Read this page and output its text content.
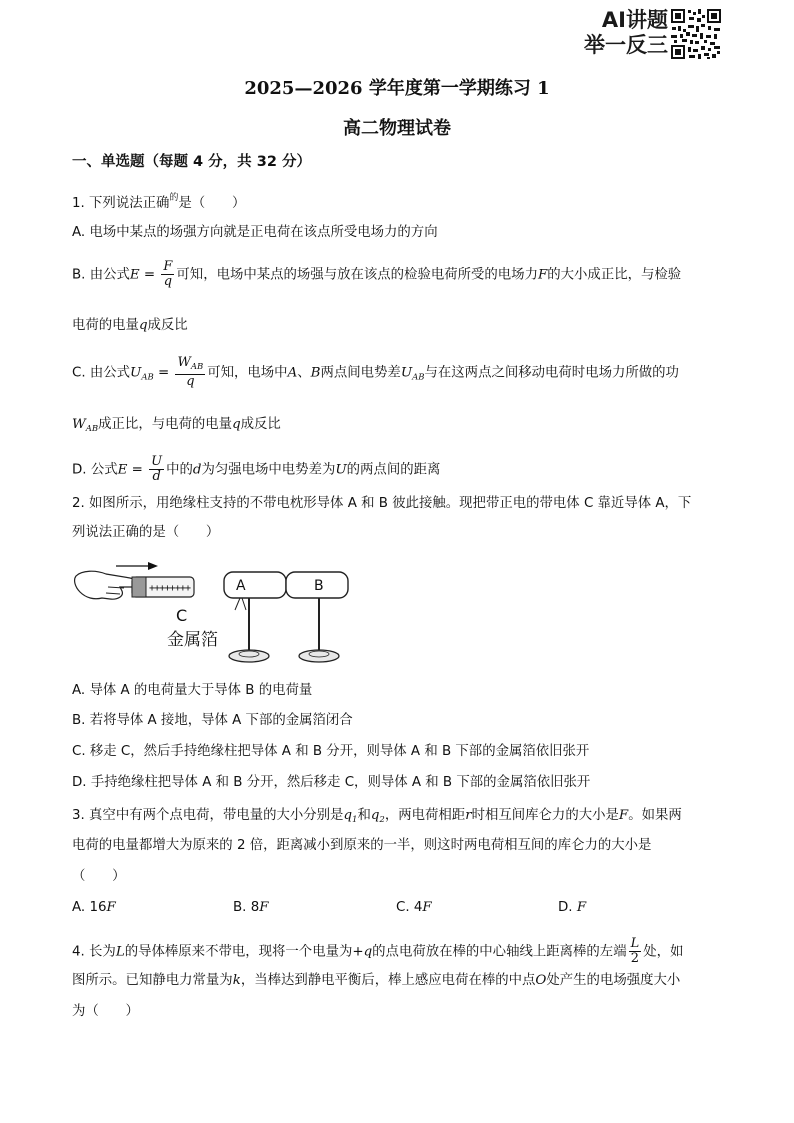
AI讲题
举一反三
2025—2026 学年度第一学期练习 1
高二物理试卷
一、单选题（每题 4 分，共 32 分）
1. 下列说法正确$^的$是（　　）
A. 电场中某点的场强方向就是正电荷在该点所受电场力的方向
B. 由公式$E = \frac{F}{q}$ 可知，电场中某点的场强与放在该点的检验电荷所受的电场力F的大小成正比，与检验
电荷的电量q成反比
C. 由公式$U_{AB} = \frac{W_{AB}}{q}$ 可知，电场中A、B两点间电势差$U_{AB}$与在这两点之间移动电荷时电场力所做的功
$W_{AB}$成正比，与电荷的电量q成反比
D. 公式$E = \frac{U}{d}$ 中的d为匀强电场中电势差为U的两点间的距离
2. 如图所示，用绝缘柱支持的不带电枕形导体 A 和 B 彼此接触。现把带正电的带电体 C 靠近导体 A，下
列说法正确的是（　　）
+ + + + + + + +
C
金属箔
A	B
A. 导体 A 的电荷量大于导体 B 的电荷量
B. 若将导体 A 接地，导体 A 下部的金属箔闭合
C. 移走 C，然后手持绝缘柱把导体 A 和 B 分开，则导体 A 和 B 下部的金属箔依旧张开
D. 手持绝缘柱把导体 A 和 B 分开，然后移走 C，则导体 A 和 B 下部的金属箔依旧张开
3. 真空中有两个点电荷，带电量的大小分别是$q_1$和$q_2$，两电荷相距r时相互间库仑力的大小是F。如果两
电荷的电量都增大为原来的 2 倍，距离减小到原来的一半，则这时两电荷相互间的库仑力的大小是
（　　）
A. 16F	B. 8F	C. 4F	D. F
4. 长为L的导体棒原来不带电，现将一个电量为+q的点电荷放在棒的中心轴线上距离棒的左端 $\frac{L}{2}$ 处，如
图所示。已知静电力常量为k，当棒达到静电平衡后，棒上感应电荷在棒的中点O处产生的电场强度大小
为（　　）
